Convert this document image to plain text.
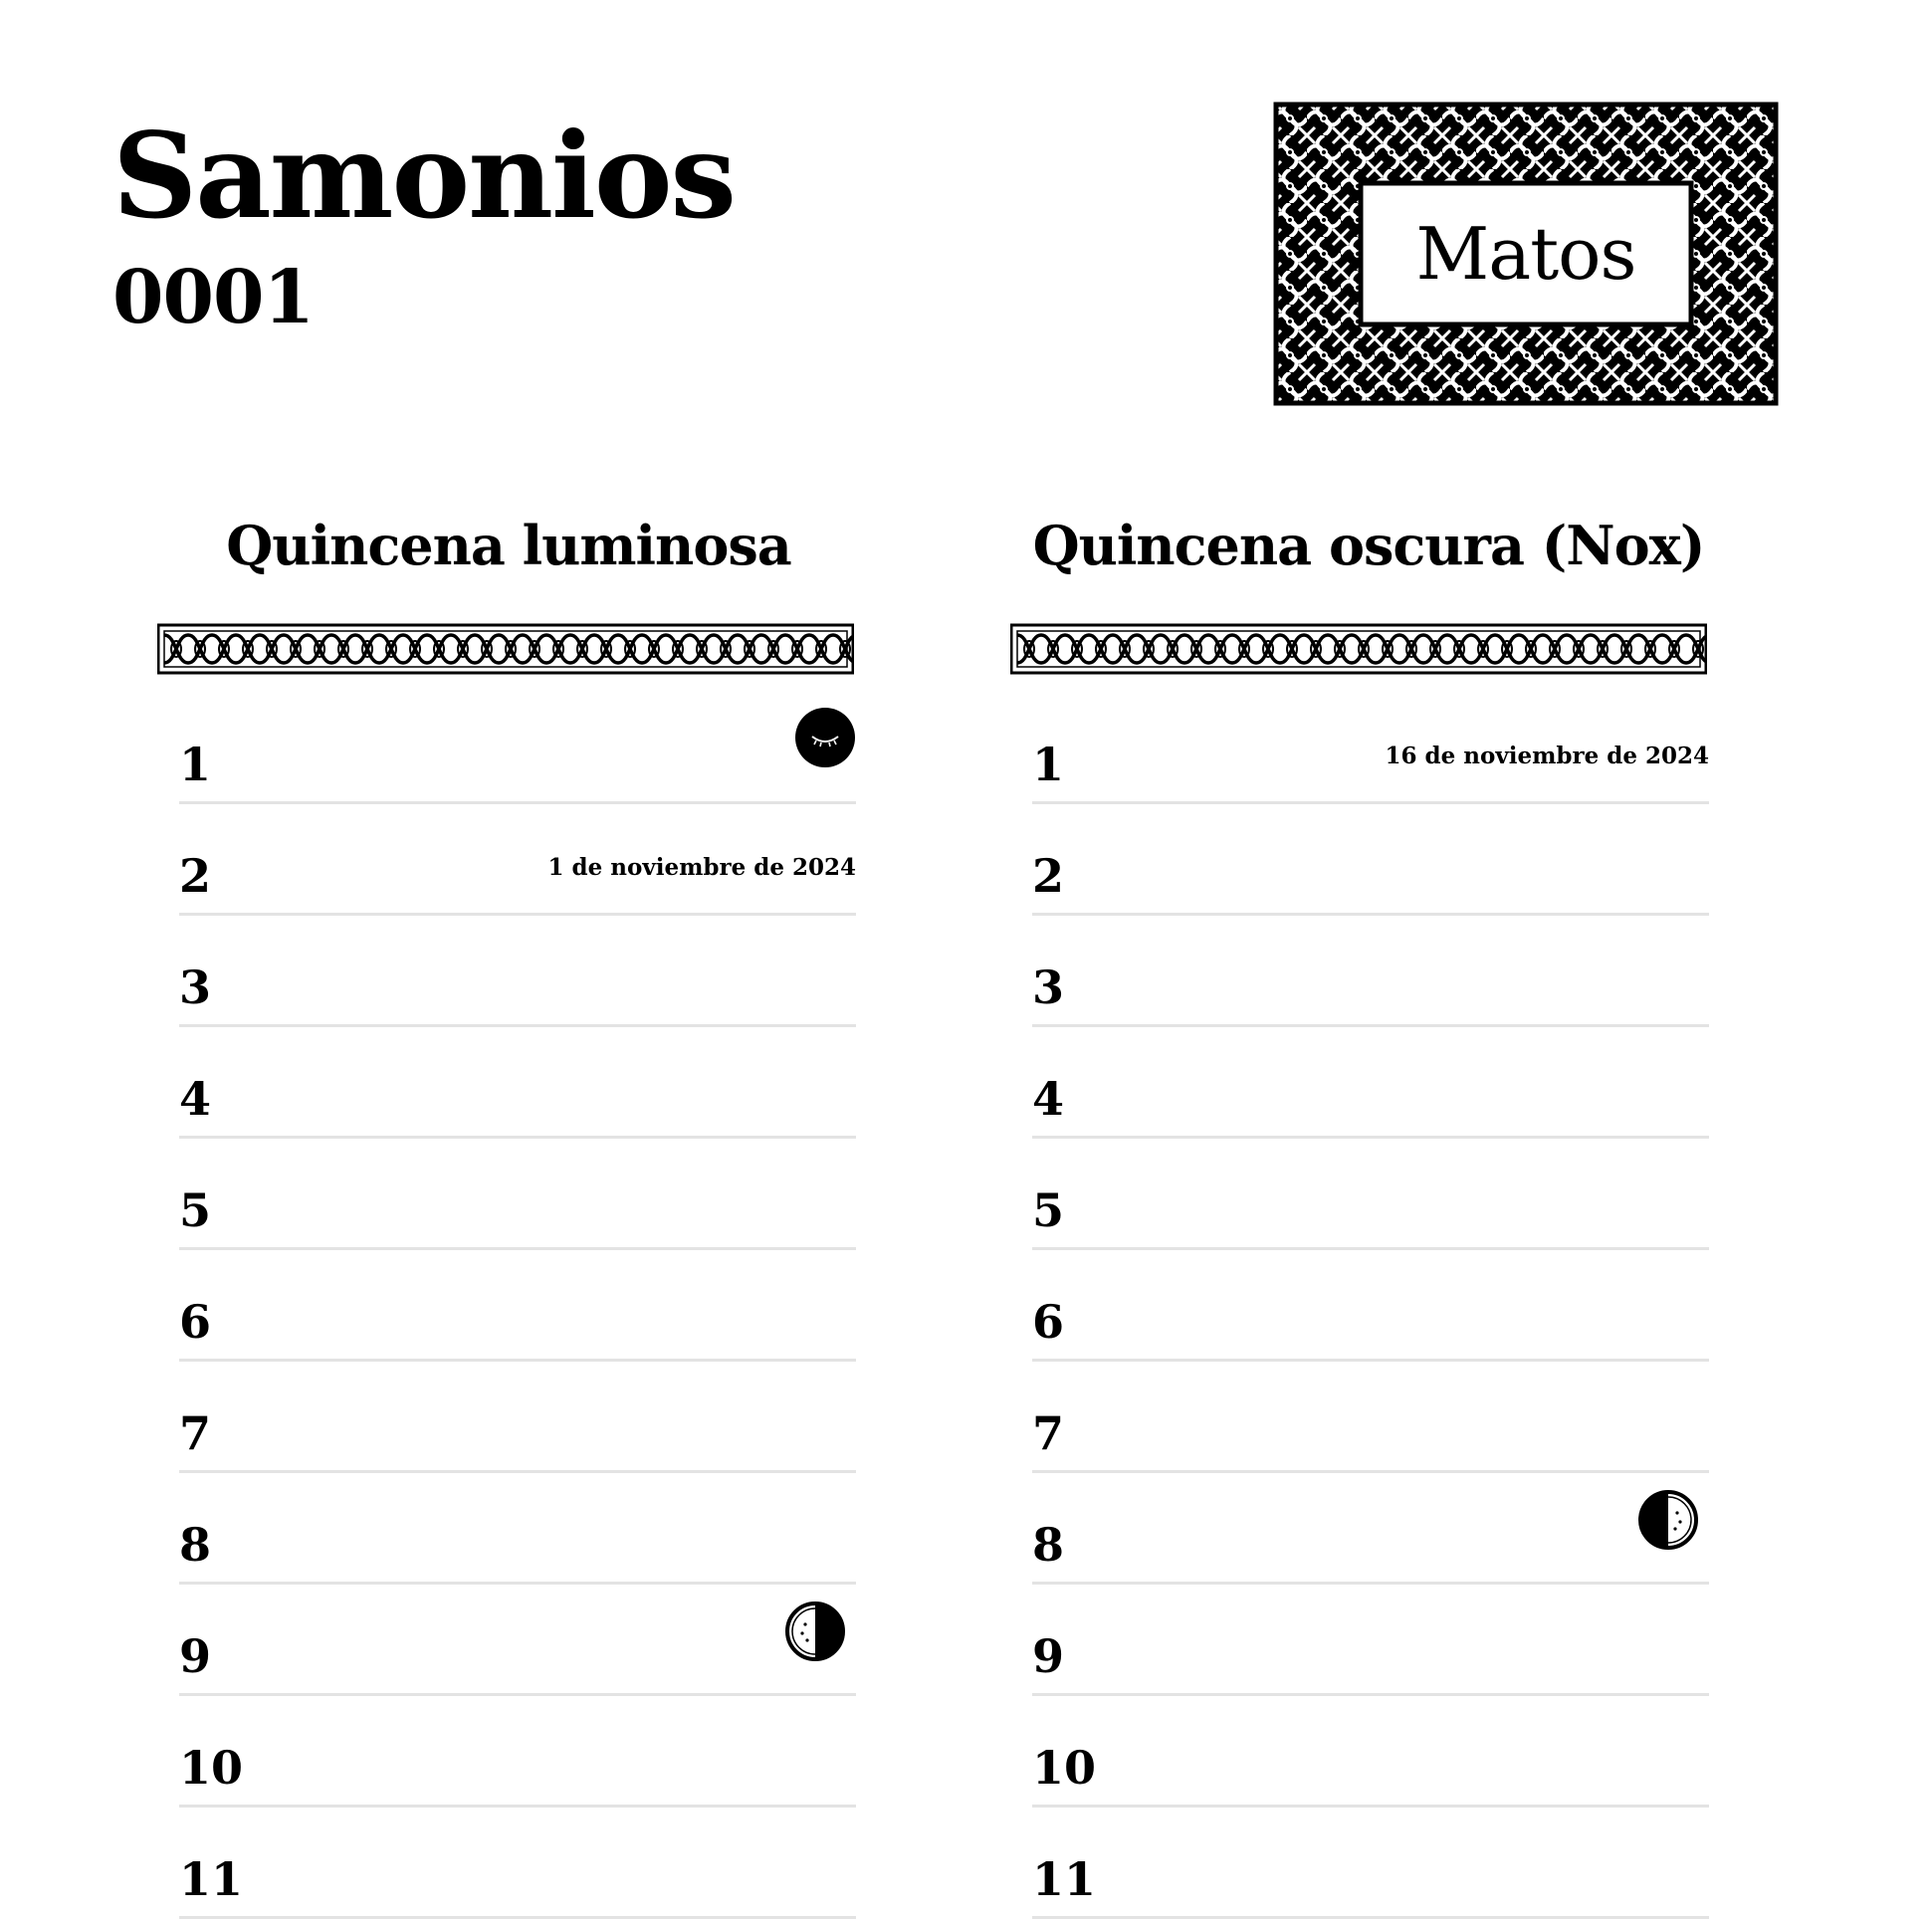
Samonios
0001
Matos
Quincena luminosa
1
2	1 de noviembre de 2024
3
4
5
6
7
8
9
10
11
Quincena oscura (Nox)
1	16 de noviembre de 2024
2
3
4
5
6
7
8
9
10
11
